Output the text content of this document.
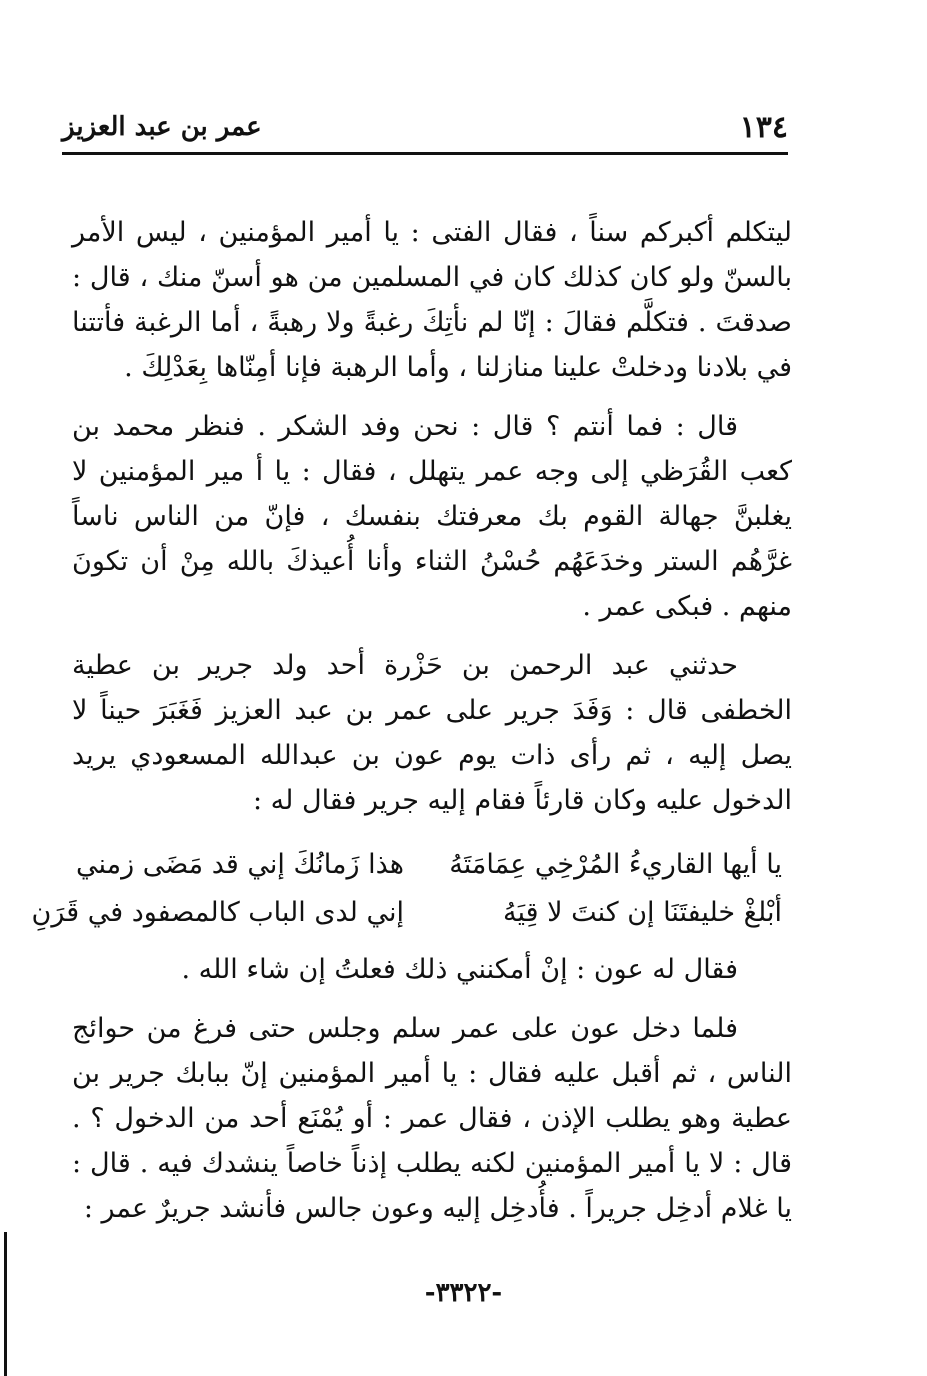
١٣٤
عمر بن عبد العزيز

ليتكلم أكبركم سناً ، فقال الفتى : يا أمير المؤمنين ، ليس الأمر بالسنّ ولو كان كذلك كان في المسلمين من هو أسنّ منك ، قال : صدقتَ . فتكلَّم فقالَ : إنّا لم نأتِكَ رغبةً ولا رهبةً ، أما الرغبة فأتتنا في بلادنا ودخلتْ علينا منازلنا ، وأما الرهبة فإنا أمِنّاها بِعَدْلِكَ .

قال : فما أنتم ؟ قال : نحن وفد الشكر . فنظر محمد بن كعب القُرَظي إلى وجه عمر يتهلل ، فقال : يا أ مير المؤمنين لا يغلبنَّ جهالة القوم بك معرفتك بنفسك ، فإنّ من الناس ناساً غرَّهُم الستر وخدَعَهُم حُسْنُ الثناء وأنا أُعيذكَ بالله مِنْ أن تكونَ منهم . فبكى عمر .

حدثني عبد الرحمن بن حَزْرة أحد ولد جرير بن عطية الخطفى قال : وَفَدَ جرير على عمر بن عبد العزيز فَغَبَرَ حيناً لا يصل إليه ، ثم رأى ذات يوم عون بن عبدالله المسعودي يريد الدخول عليه وكان قارئاً فقام إليه جرير فقال له :

يا أيها القاريءُ المُرْخِي عِمَامَتَهُ
هذا زَمانُكَ إني قد مَضَى زمني
أبْلغْ خليفتَنَا إن كنتَ لا قِيَهُ
إني لدى الباب كالمصفود في قَرَنِ

فقال له عون : إنْ أمكنني ذلك فعلتُ إن شاء الله .

فلما دخل عون على عمر سلم وجلس حتى فرغ من حوائج الناس ، ثم أقبل عليه فقال : يا أمير المؤمنين إنّ ببابك جرير بن عطية وهو يطلب الإذن ، فقال عمر : أو يُمْنَع أحد من الدخول ؟ . قال : لا يا أمير المؤمنين لكنه يطلب إذناً خاصاً ينشدك فيه . قال : يا غلام أدخِل جريراً . فأُدخِل إليه وعون جالس فأنشد جريرٌ عمر :

-٣٣٢٢-
